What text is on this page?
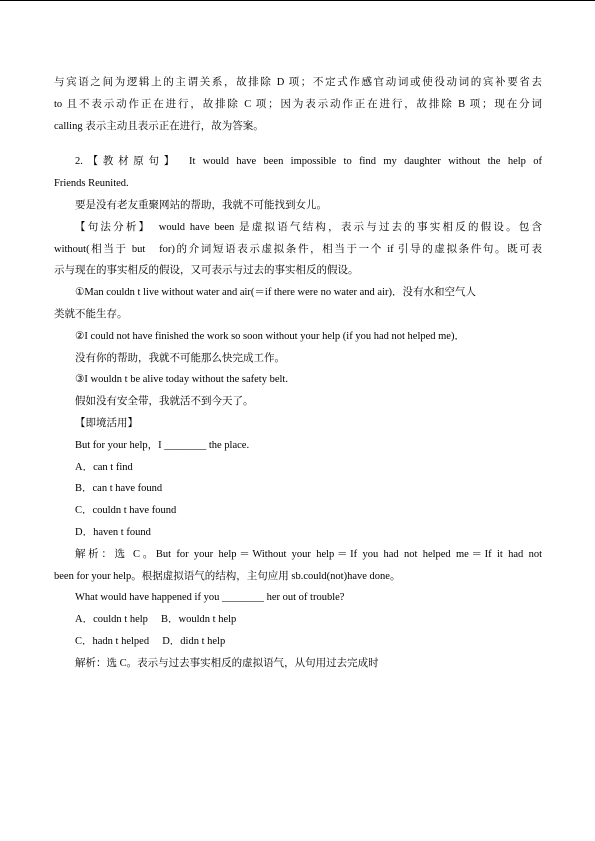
与宾语之间为逻辑上的主谓关系，故排除 D 项；不定式作感官动词或使役动词的宾补要省去
to 且不表示动作正在进行，故排除 C 项；因为表示动作正在进行，故排除 B 项；现在分词
calling 表示主动且表示正在进行，故为答案。
2.【教材原句】　It would have been impossible to find my daughter without the help of
Friends Reunited.
要是没有老友重聚网站的帮助，我就不可能找到女儿。
【句法分析】　would have been 是虚拟语气结构，表示与过去的事实相反的假设。包含
without(相当于 but　for)的介词短语表示虚拟条件，相当于一个 if 引导的虚拟条件句。既可表
示与现在的事实相反的假设，又可表示与过去的事实相反的假设。
①Man couldn t live without water and air(＝if there were no water and air)．没有水和空气人
类就不能生存。
②I could not have finished the work so soon without your help (if you had not helped me)．
没有你的帮助，我就不可能那么快完成工作。
③I wouldn t be alive today without the safety belt.
假如没有安全带，我就活不到今天了。
【即境活用】
But for your help，I ________ the place.
A．can t find
B．can t have found
C．couldn t have found
D．haven t found
解析：选 C。But for your help＝Without your help＝If you had not helped me＝If it had not
been for your help。根据虚拟语气的结构，主句应用 sb.could(not)have done。
What would have happened if you ________ her out of trouble?
A．couldn t help　 B．wouldn t help
C．hadn t helped　 D．didn t help
解析：选 C。表示与过去事实相反的虚拟语气，从句用过去完成时
